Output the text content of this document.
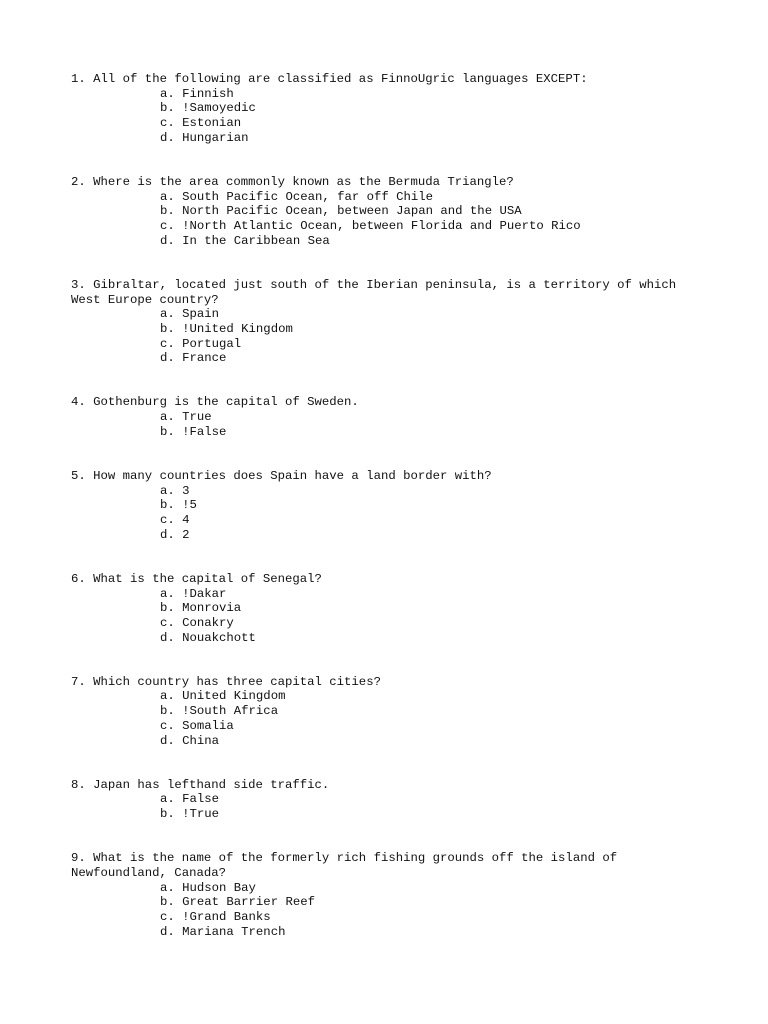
1. All of the following are classified as FinnoUgric languages EXCEPT:
a. Finnish
b. !Samoyedic
c. Estonian
d. Hungarian
2. Where is the area commonly known as the Bermuda Triangle?
a. South Pacific Ocean, far off Chile
b. North Pacific Ocean, between Japan and the USA
c. !North Atlantic Ocean, between Florida and Puerto Rico
d. In the Caribbean Sea
3. Gibraltar, located just south of the Iberian peninsula, is a territory of which
West Europe country?
a. Spain
b. !United Kingdom
c. Portugal
d. France
4. Gothenburg is the capital of Sweden.
a. True
b. !False
5. How many countries does Spain have a land border with?
a. 3
b. !5
c. 4
d. 2
6. What is the capital of Senegal?
a. !Dakar
b. Monrovia
c. Conakry
d. Nouakchott
7. Which country has three capital cities?
a. United Kingdom
b. !South Africa
c. Somalia
d. China
8. Japan has lefthand side traffic.
a. False
b. !True
9. What is the name of the formerly rich fishing grounds off the island of
Newfoundland, Canada?
a. Hudson Bay
b. Great Barrier Reef
c. !Grand Banks
d. Mariana Trench
